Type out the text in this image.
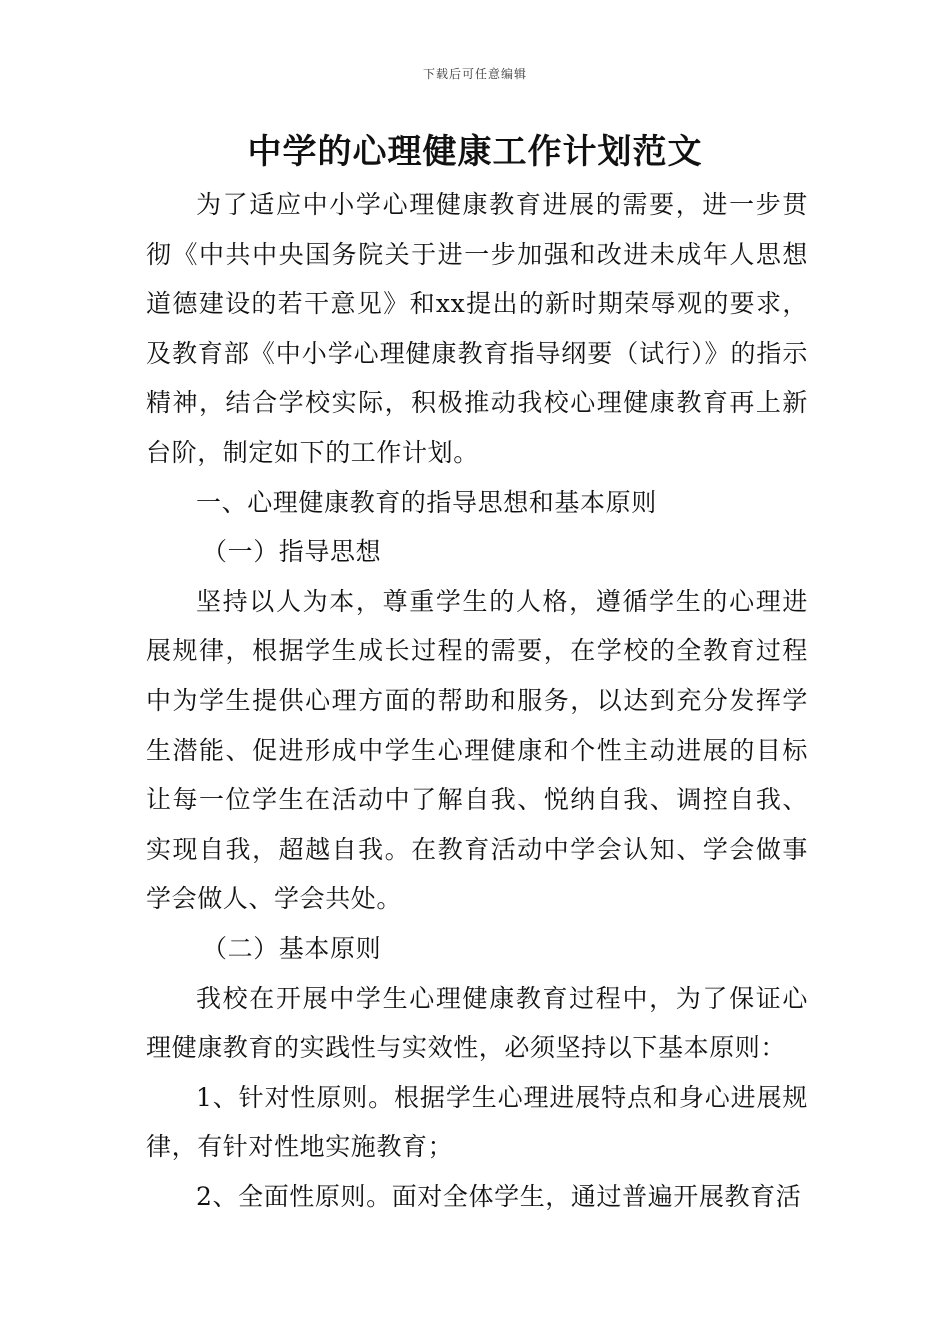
下载后可任意编辑
中学的心理健康工作计划范文

为了适应中小学心理健康教育进展的需要，进一步贯彻《中共中央国务院关于进一步加强和改进未成年人思想道德建设的若干意见》和xx提出的新时期荣辱观的要求，及教育部《中小学心理健康教育指导纲要（试行）》的指示精神，结合学校实际，积极推动我校心理健康教育再上新台阶，制定如下的工作计划。

一、心理健康教育的指导思想和基本原则

（一）指导思想

坚持以人为本，尊重学生的人格，遵循学生的心理进展规律，根据学生成长过程的需要，在学校的全教育过程中为学生提供心理方面的帮助和服务，以达到充分发挥学生潜能、促进形成中学生心理健康和个性主动进展的目标让每一位学生在活动中了解自我、悦纳自我、调控自我、实现自我，超越自我。在教育活动中学会认知、学会做事学会做人、学会共处。

（二）基本原则

我校在开展中学生心理健康教育过程中，为了保证心理健康教育的实践性与实效性，必须坚持以下基本原则：

1、针对性原则。根据学生心理进展特点和身心进展规律，有针对性地实施教育；

2、全面性原则。面对全体学生，通过普遍开展教育活
